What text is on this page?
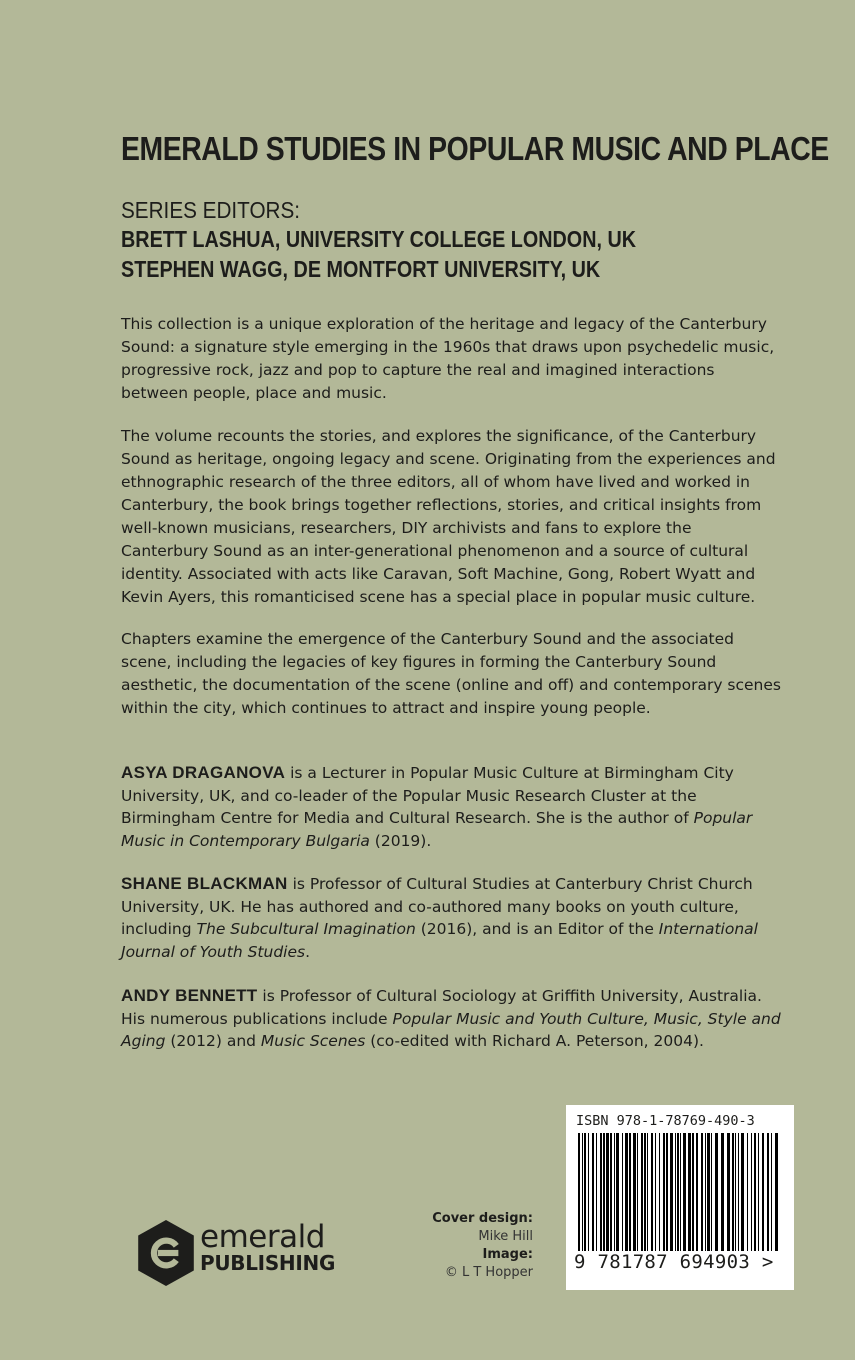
EMERALD STUDIES IN POPULAR MUSIC AND PLACE
SERIES EDITORS:
BRETT LASHUA, UNIVERSITY COLLEGE LONDON, UK
STEPHEN WAGG, DE MONTFORT UNIVERSITY, UK

This collection is a unique exploration of the heritage and legacy of the Canterbury Sound: a signature style emerging in the 1960s that draws upon psychedelic music, progressive rock, jazz and pop to capture the real and imagined interactions between people, place and music.

The volume recounts the stories, and explores the significance, of the Canterbury Sound as heritage, ongoing legacy and scene. Originating from the experiences and ethnographic research of the three editors, all of whom have lived and worked in Canterbury, the book brings together reflections, stories, and critical insights from well-known musicians, researchers, DIY archivists and fans to explore the Canterbury Sound as an inter-generational phenomenon and a source of cultural identity. Associated with acts like Caravan, Soft Machine, Gong, Robert Wyatt and Kevin Ayers, this romanticised scene has a special place in popular music culture.

Chapters examine the emergence of the Canterbury Sound and the associated scene, including the legacies of key figures in forming the Canterbury Sound aesthetic, the documentation of the scene (online and off) and contemporary scenes within the city, which continues to attract and inspire young people.

ASYA DRAGANOVA is a Lecturer in Popular Music Culture at Birmingham City University, UK, and co-leader of the Popular Music Research Cluster at the Birmingham Centre for Media and Cultural Research. She is the author of Popular Music in Contemporary Bulgaria (2019).

SHANE BLACKMAN is Professor of Cultural Studies at Canterbury Christ Church University, UK. He has authored and co-authored many books on youth culture, including The Subcultural Imagination (2016), and is an Editor of the International Journal of Youth Studies.

ANDY BENNETT is Professor of Cultural Sociology at Griffith University, Australia. His numerous publications include Popular Music and Youth Culture, Music, Style and Aging (2012) and Music Scenes (co-edited with Richard A. Peterson, 2004).

emerald
PUBLISHING
Cover design:
Mike Hill
Image:
© L T Hopper
ISBN 978-1-78769-490-3
9 781787 694903 >
